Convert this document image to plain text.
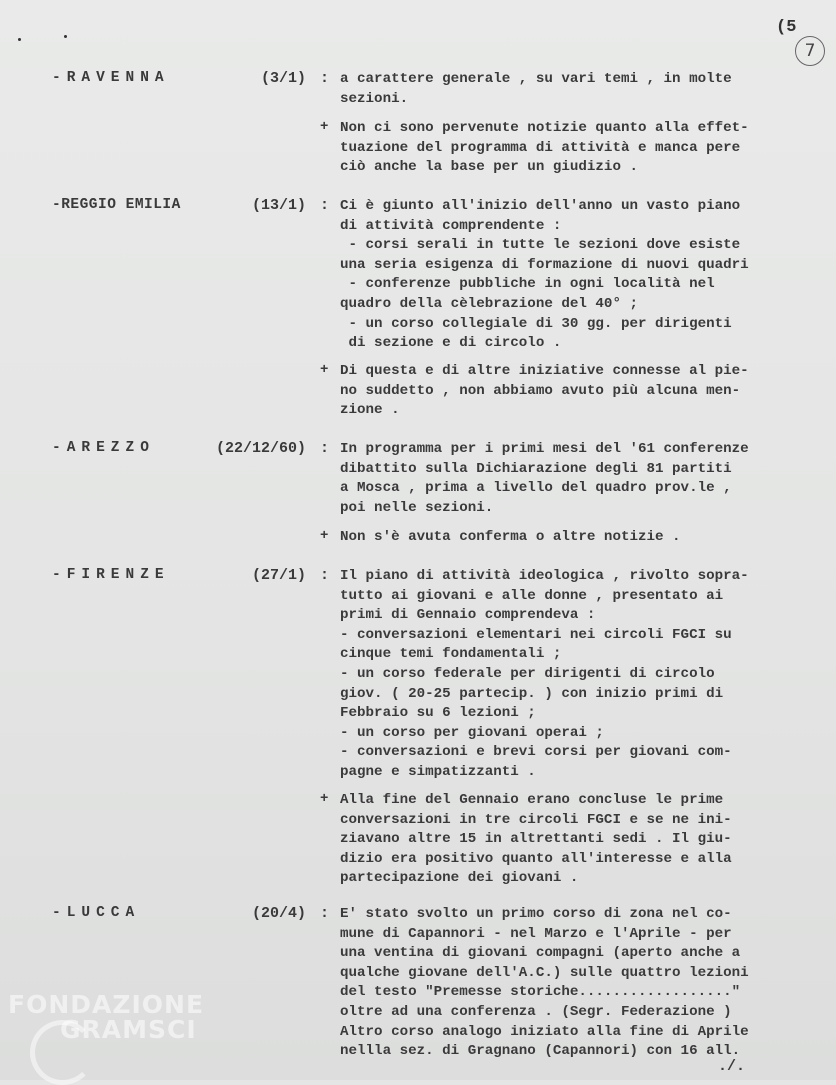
(5
7
-RAVENNA	(3/1) : a carattere generale , su vari temi , in molte
sezioni.
+ Non ci sono pervenute notizie quanto alla effet-
tuazione del programma di attività e manca pere
ciò anche la base per un giudizio .
-REGGIO EMILIA	(13/1) : Ci è giunto all'inizio dell'anno un vasto piano
di attività comprendente :
- corsi serali in tutte le sezioni dove esiste
una seria esigenza di formazione di nuovi quadri
- conferenze pubbliche in ogni località nel
quadro della cèlebrazione del 40° ;
- un corso collegiale di 30 gg. per dirigenti
di sezione e di circolo .
+ Di questa e di altre iniziative connesse al pie-
no suddetto , non abbiamo avuto più alcuna men-
zione .
-AREZZO	(22/12/60) : In programma per i primi mesi del '61 conferenze
dibattito sulla Dichiarazione degli 81 partiti
a Mosca , prima a livello del quadro prov.le ,
poi nelle sezioni.
+ Non s'è avuta conferma o altre notizie .
-FIRENZE	(27/1) : Il piano di attività ideologica , rivolto sopra-
tutto ai giovani e alle donne , presentato ai
primi di Gennaio comprendeva :
- conversazioni elementari nei circoli FGCI su
cinque temi fondamentali ;
- un corso federale per dirigenti di circolo
giov. ( 20-25 partecip. ) con inizio primi di
Febbraio su 6 lezioni ;
- un corso per giovani operai ;
- conversazioni e brevi corsi per giovani com-
pagne e simpatizzanti .
+ Alla fine del Gennaio erano concluse le prime
conversazioni in tre circoli FGCI e se ne ini-
ziavano altre 15 in altrettanti sedi . Il giu-
dizio era positivo quanto all'interesse e alla
partecipazione dei giovani .
-LUCCA	(20/4) : E' stato svolto un primo corso di zona nel co-
mune di Capannori - nel Marzo e l'Aprile - per
una ventina di giovani compagni (aperto anche a
qualche giovane dell'A.C.) sulle quattro lezioni
del testo "Premesse storiche.................."
oltre ad una conferenza . (Segr. Federazione )
Altro corso analogo iniziato alla fine di Aprile
nellla sez. di Gragnano (Capannori) con 16 all.
FONDAZIONE
GRAMSCI
./.
